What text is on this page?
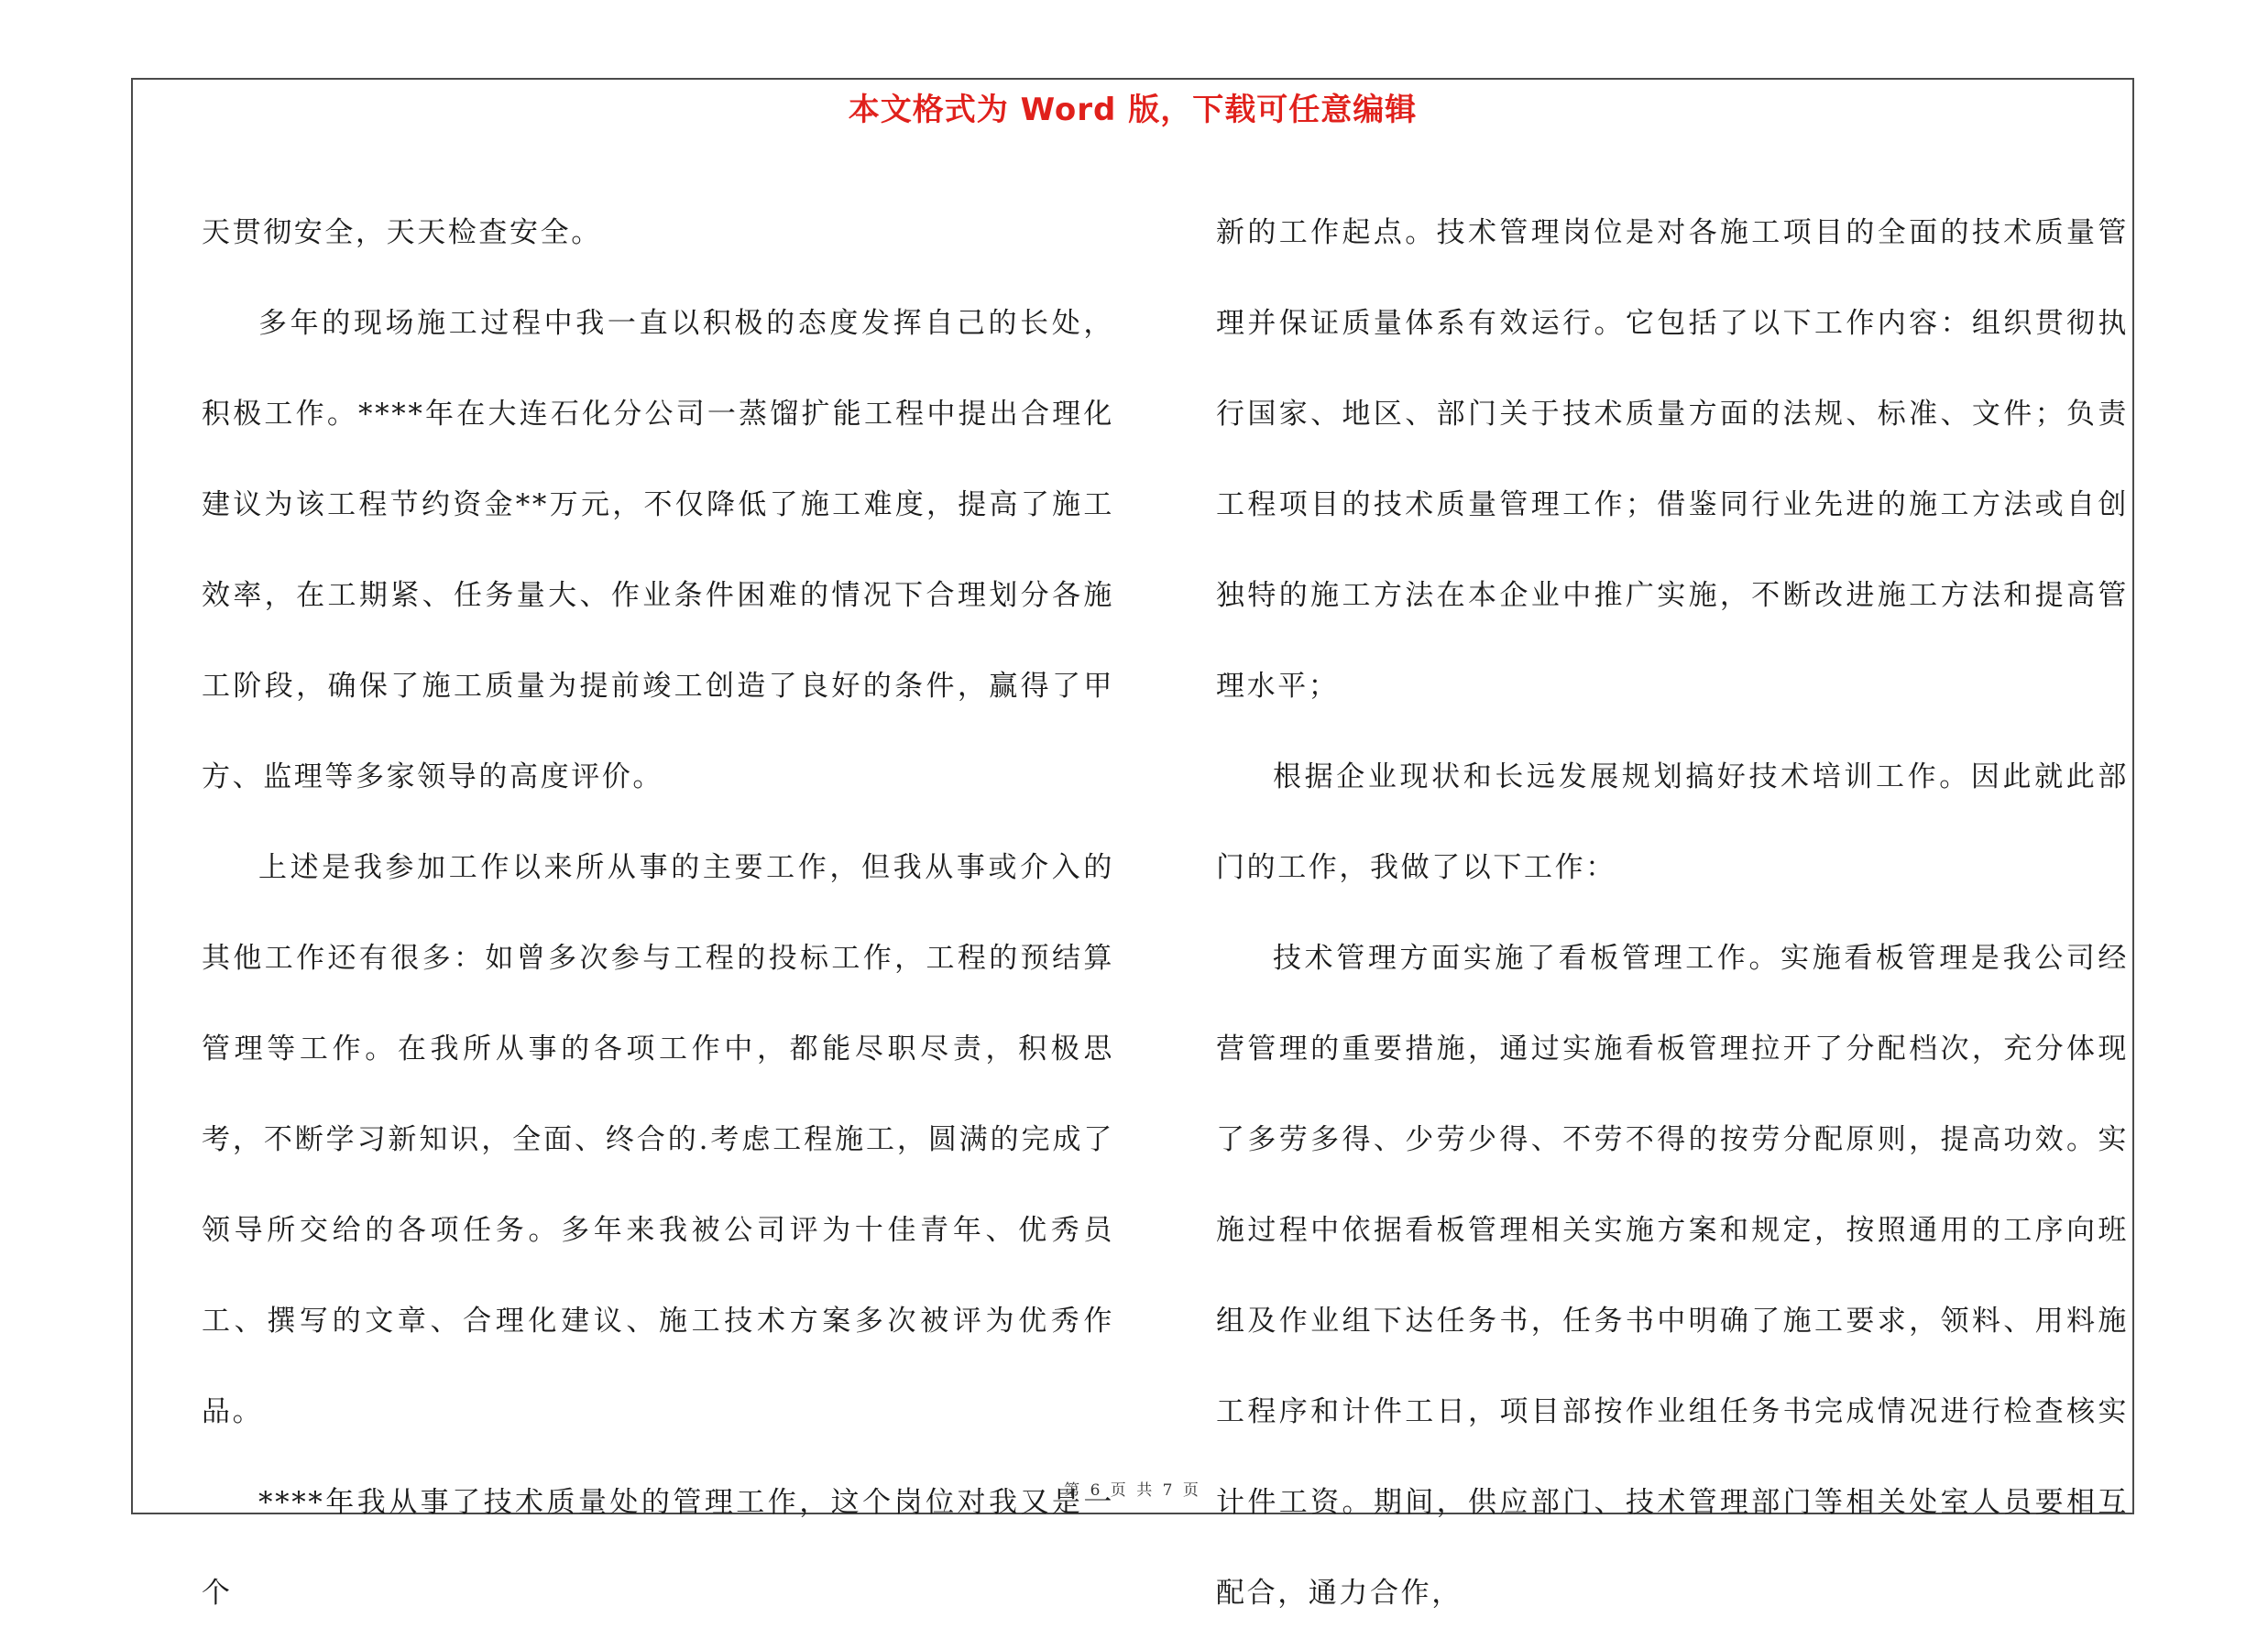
本文格式为 Word 版，下载可任意编辑

天贯彻安全，天天检查安全。

多年的现场施工过程中我一直以积极的态度发挥自己的长处，积极工作。****年在大连石化分公司一蒸馏扩能工程中提出合理化建议为该工程节约资金**万元，不仅降低了施工难度，提高了施工效率，在工期紧、任务量大、作业条件困难的情况下合理划分各施工阶段，确保了施工质量为提前竣工创造了良好的条件，赢得了甲方、监理等多家领导的高度评价。

上述是我参加工作以来所从事的主要工作，但我从事或介入的其他工作还有很多：如曾多次参与工程的投标工作，工程的预结算管理等工作。在我所从事的各项工作中，都能尽职尽责，积极思考，不断学习新知识，全面、终合的.考虑工程施工，圆满的完成了领导所交给的各项任务。多年来我被公司评为十佳青年、优秀员工、撰写的文章、合理化建议、施工技术方案多次被评为优秀作品。

****年我从事了技术质量处的管理工作，这个岗位对我又是一个

新的工作起点。技术管理岗位是对各施工项目的全面的技术质量管理并保证质量体系有效运行。它包括了以下工作内容：组织贯彻执行国家、地区、部门关于技术质量方面的法规、标准、文件；负责工程项目的技术质量管理工作；借鉴同行业先进的施工方法或自创独特的施工方法在本企业中推广实施，不断改进施工方法和提高管理水平；

根据企业现状和长远发展规划搞好技术培训工作。因此就此部门的工作，我做了以下工作：

技术管理方面实施了看板管理工作。实施看板管理是我公司经营管理的重要措施，通过实施看板管理拉开了分配档次，充分体现了多劳多得、少劳少得、不劳不得的按劳分配原则，提高功效。实施过程中依据看板管理相关实施方案和规定，按照通用的工序向班组及作业组下达任务书，任务书中明确了施工要求，领料、用料施工程序和计件工日，项目部按作业组任务书完成情况进行检查核实计件工资。期间，供应部门、技术管理部门等相关处室人员要相互配合，通力合作，

第 6 页 共 7 页
